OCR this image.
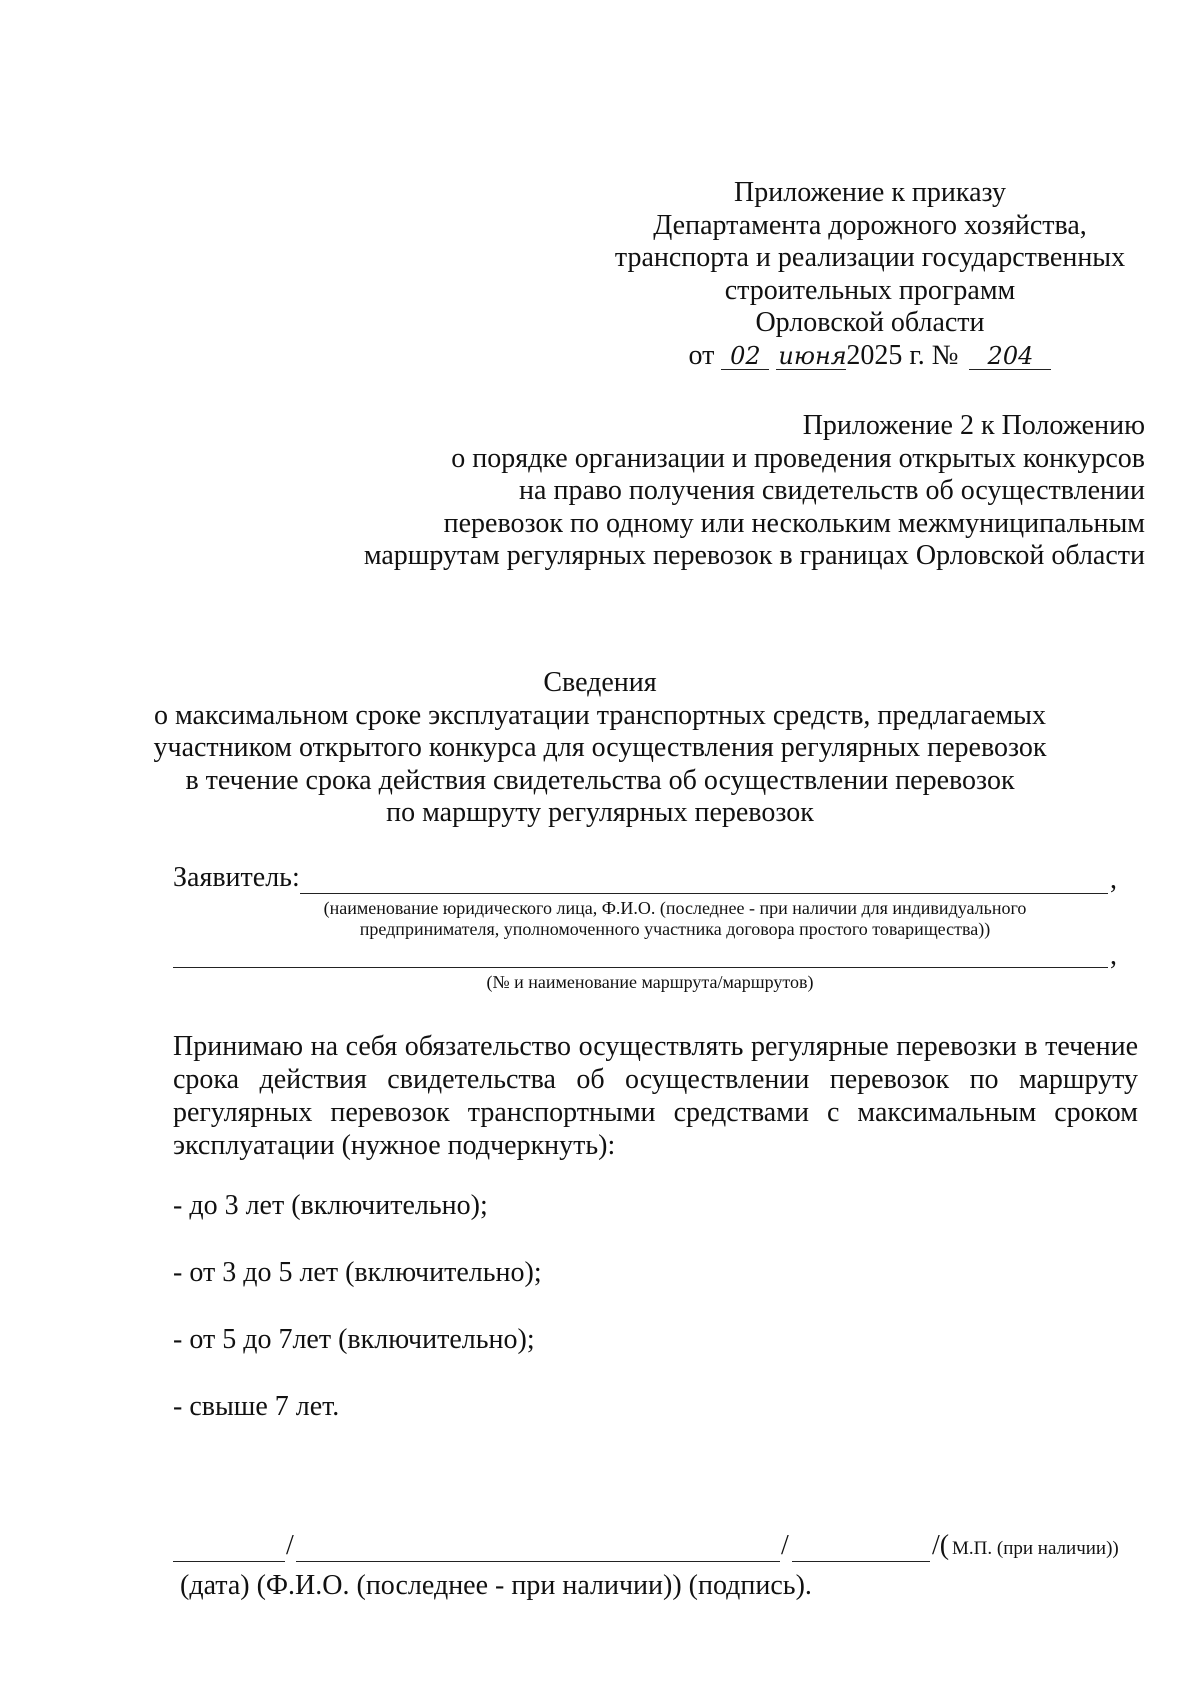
Приложение к приказу
Департамента дорожного хозяйства,
транспорта и реализации государственных
строительных программ
Орловской области
от 02 июня2025 г. № 204
Приложение 2 к Положению
о порядке организации и проведения открытых конкурсов
на право получения свидетельств об осуществлении
перевозок по одному или нескольким межмуниципальным
маршрутам регулярных перевозок в границах Орловской области
Сведения
о максимальном сроке эксплуатации транспортных средств, предлагаемых
участником открытого конкурса для осуществления регулярных перевозок
в течение срока действия свидетельства об осуществлении перевозок
по маршруту регулярных перевозок
Заявитель:	,
(наименование юридического лица, Ф.И.О. (последнее - при наличии для индивидуального
предпринимателя, уполномоченного участника договора простого товарищества))
,
(№ и наименование маршрута/маршрутов)
Принимаю на себя обязательство осуществлять регулярные перевозки в течение срока действия свидетельства об осуществлении перевозок по маршруту регулярных перевозок транспортными средствами с максимальным сроком эксплуатации (нужное подчеркнуть):
- до 3 лет (включительно);
- от 3 до 5 лет (включительно);
- от 5 до 7лет (включительно);
- свыше 7 лет.
/	/	/( М.П. (при наличии))
(дата) (Ф.И.О. (последнее - при наличии)) (подпись).
